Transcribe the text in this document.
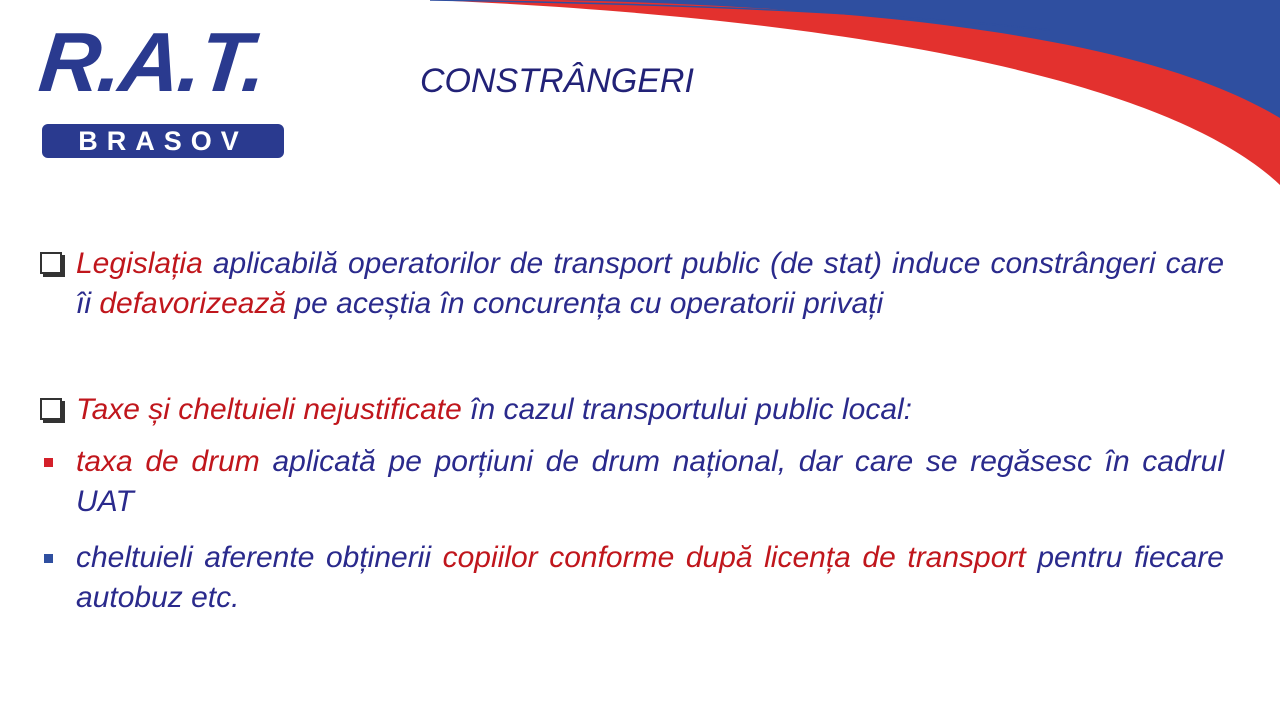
R.A.T.
BRASOV
CONSTRÂNGERI
Legislația aplicabilă operatorilor de transport public (de stat) induce constrângeri care îi defavorizează pe aceștia în concurența cu operatorii privați
Taxe și cheltuieli nejustificate în cazul transportului public local:
taxa de drum aplicată pe porțiuni de drum național, dar care se regăsesc în cadrul UAT
cheltuieli aferente obținerii copiilor conforme după licența de transport pentru fiecare autobuz etc.
